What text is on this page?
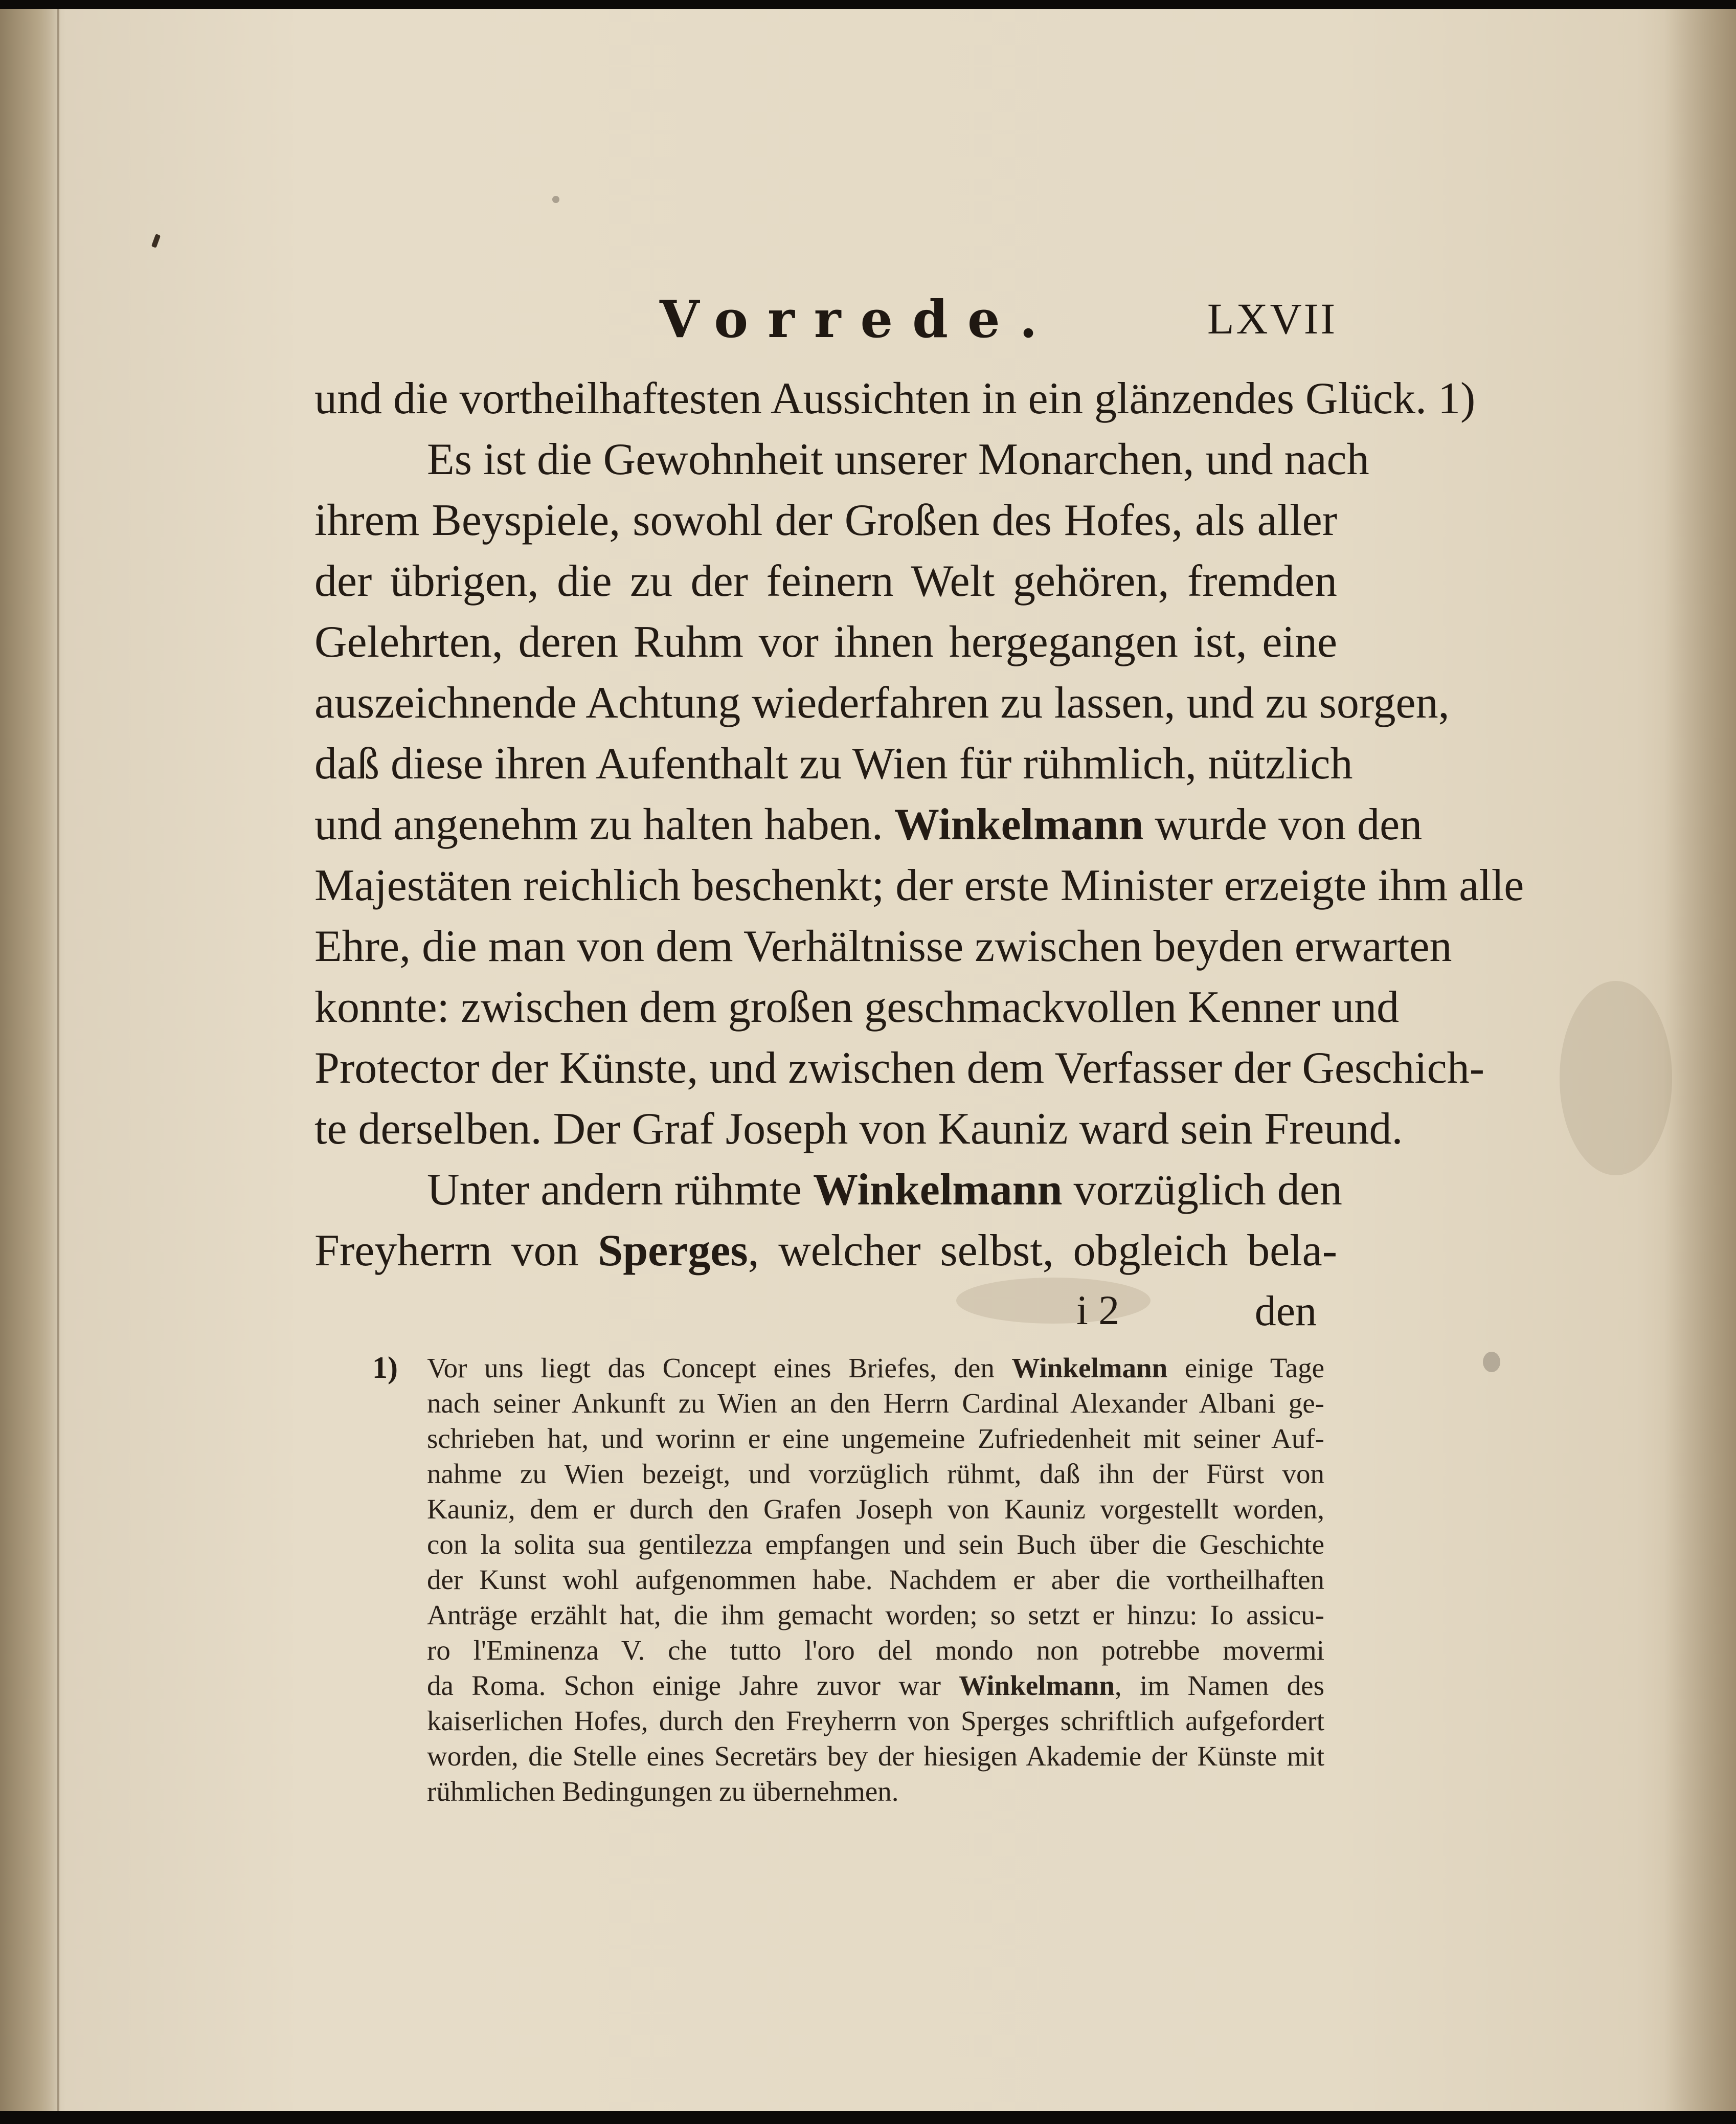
Vorrede.	LXVII
und die vortheilhaftesten Aussichten in ein glänzendes Glück. 1)
Es ist die Gewohnheit unserer Monarchen, und nach
ihrem Beyspiele, sowohl der Großen des Hofes, als aller
der übrigen, die zu der feinern Welt gehören, fremden
Gelehrten, deren Ruhm vor ihnen hergegangen ist, eine
auszeichnende Achtung wiederfahren zu lassen, und zu sorgen,
daß diese ihren Aufenthalt zu Wien für rühmlich, nützlich
und angenehm zu halten haben. Winkelmann wurde von den
Majestäten reichlich beschenkt; der erste Minister erzeigte ihm alle
Ehre, die man von dem Verhältnisse zwischen beyden erwarten
konnte: zwischen dem großen geschmackvollen Kenner und
Protector der Künste, und zwischen dem Verfasser der Geschich-
te derselben. Der Graf Joseph von Kauniz ward sein Freund.
Unter andern rühmte Winkelmann vorzüglich den
Freyherrn von Sperges, welcher selbst, obgleich bela-
i 2	den
1) Vor uns liegt das Concept eines Briefes, den Winkelmann einige Tage
nach seiner Ankunft zu Wien an den Herrn Cardinal Alexander Albani ge-
schrieben hat, und worinn er eine ungemeine Zufriedenheit mit seiner Auf-
nahme zu Wien bezeigt, und vorzüglich rühmt, daß ihn der Fürst von
Kauniz, dem er durch den Grafen Joseph von Kauniz vorgestellt worden,
con la solita sua gentilezza empfangen und sein Buch über die Geschichte
der Kunst wohl aufgenommen habe. Nachdem er aber die vortheilhaften
Anträge erzählt hat, die ihm gemacht worden; so setzt er hinzu: Io assicu-
ro l'Eminenza V. che tutto l'oro del mondo non potrebbe movermi
da Roma. Schon einige Jahre zuvor war Winkelmann, im Namen des
kaiserlichen Hofes, durch den Freyherrn von Sperges schriftlich aufgefordert
worden, die Stelle eines Secretärs bey der hiesigen Akademie der Künste mit
rühmlichen Bedingungen zu übernehmen.
